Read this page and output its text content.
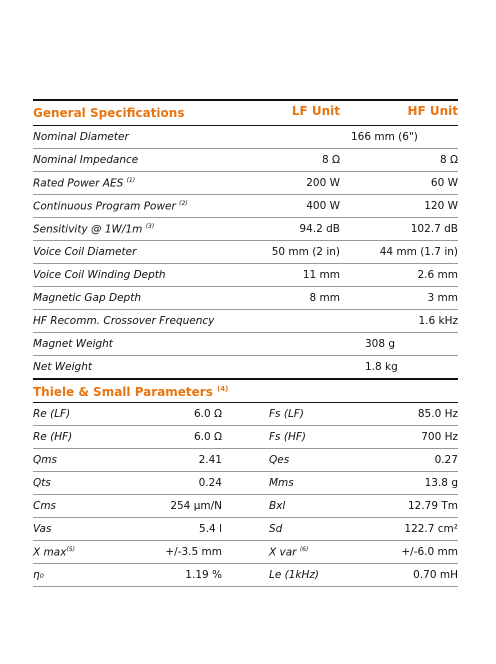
General Specifications	LF Unit	HF Unit
Nominal Diameter	166 mm (6")
Nominal Impedance	8 Ω	8 Ω
Rated Power AES $^{(1)}$	200 W	60 W
Continuous Program Power $^{(2)}$	400 W	120 W
Sensitivity @ 1W/1m $^{(3)}$	94.2 dB	102.7 dB
Voice Coil Diameter	50 mm (2 in)	44 mm (1.7 in)
Voice Coil Winding Depth	11 mm	2.6 mm
Magnetic Gap Depth	8 mm	3 mm
HF Recomm. Crossover Frequency	1.6 kHz
Magnet Weight	308 g
Net Weight	1.8 kg
Thiele & Small Parameters $^{(4)}$
Re (LF)	6.0 Ω	Fs (LF)	85.0 Hz
Re (HF)	6.0 Ω	Fs (HF)	700 Hz
Qms	2.41	Qes	0.27
Qts	0.24	Mms	13.8 g
Cms	254 µm/N	Bxl	12.79 Tm
Vas	5.4 l	Sd	122.7 cm²
X $\max^{(5)}$	+/-3.5 mm	X var $^{(6)}$	+/-6.0 mm
η₀	1.19 %	Le (1kHz)	0.70 mH
